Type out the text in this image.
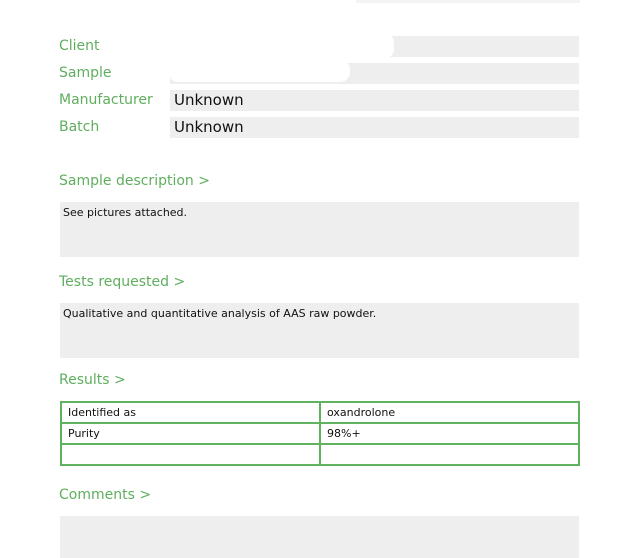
Client
Sample
Manufacturer Unknown
Batch	Unknown
Sample description >
See pictures attached.
Tests requested >
Qualitative and quantitative analysis of AAS raw powder.
Results >
Identified as	oxandrolone
Purity	98%+

Comments >
